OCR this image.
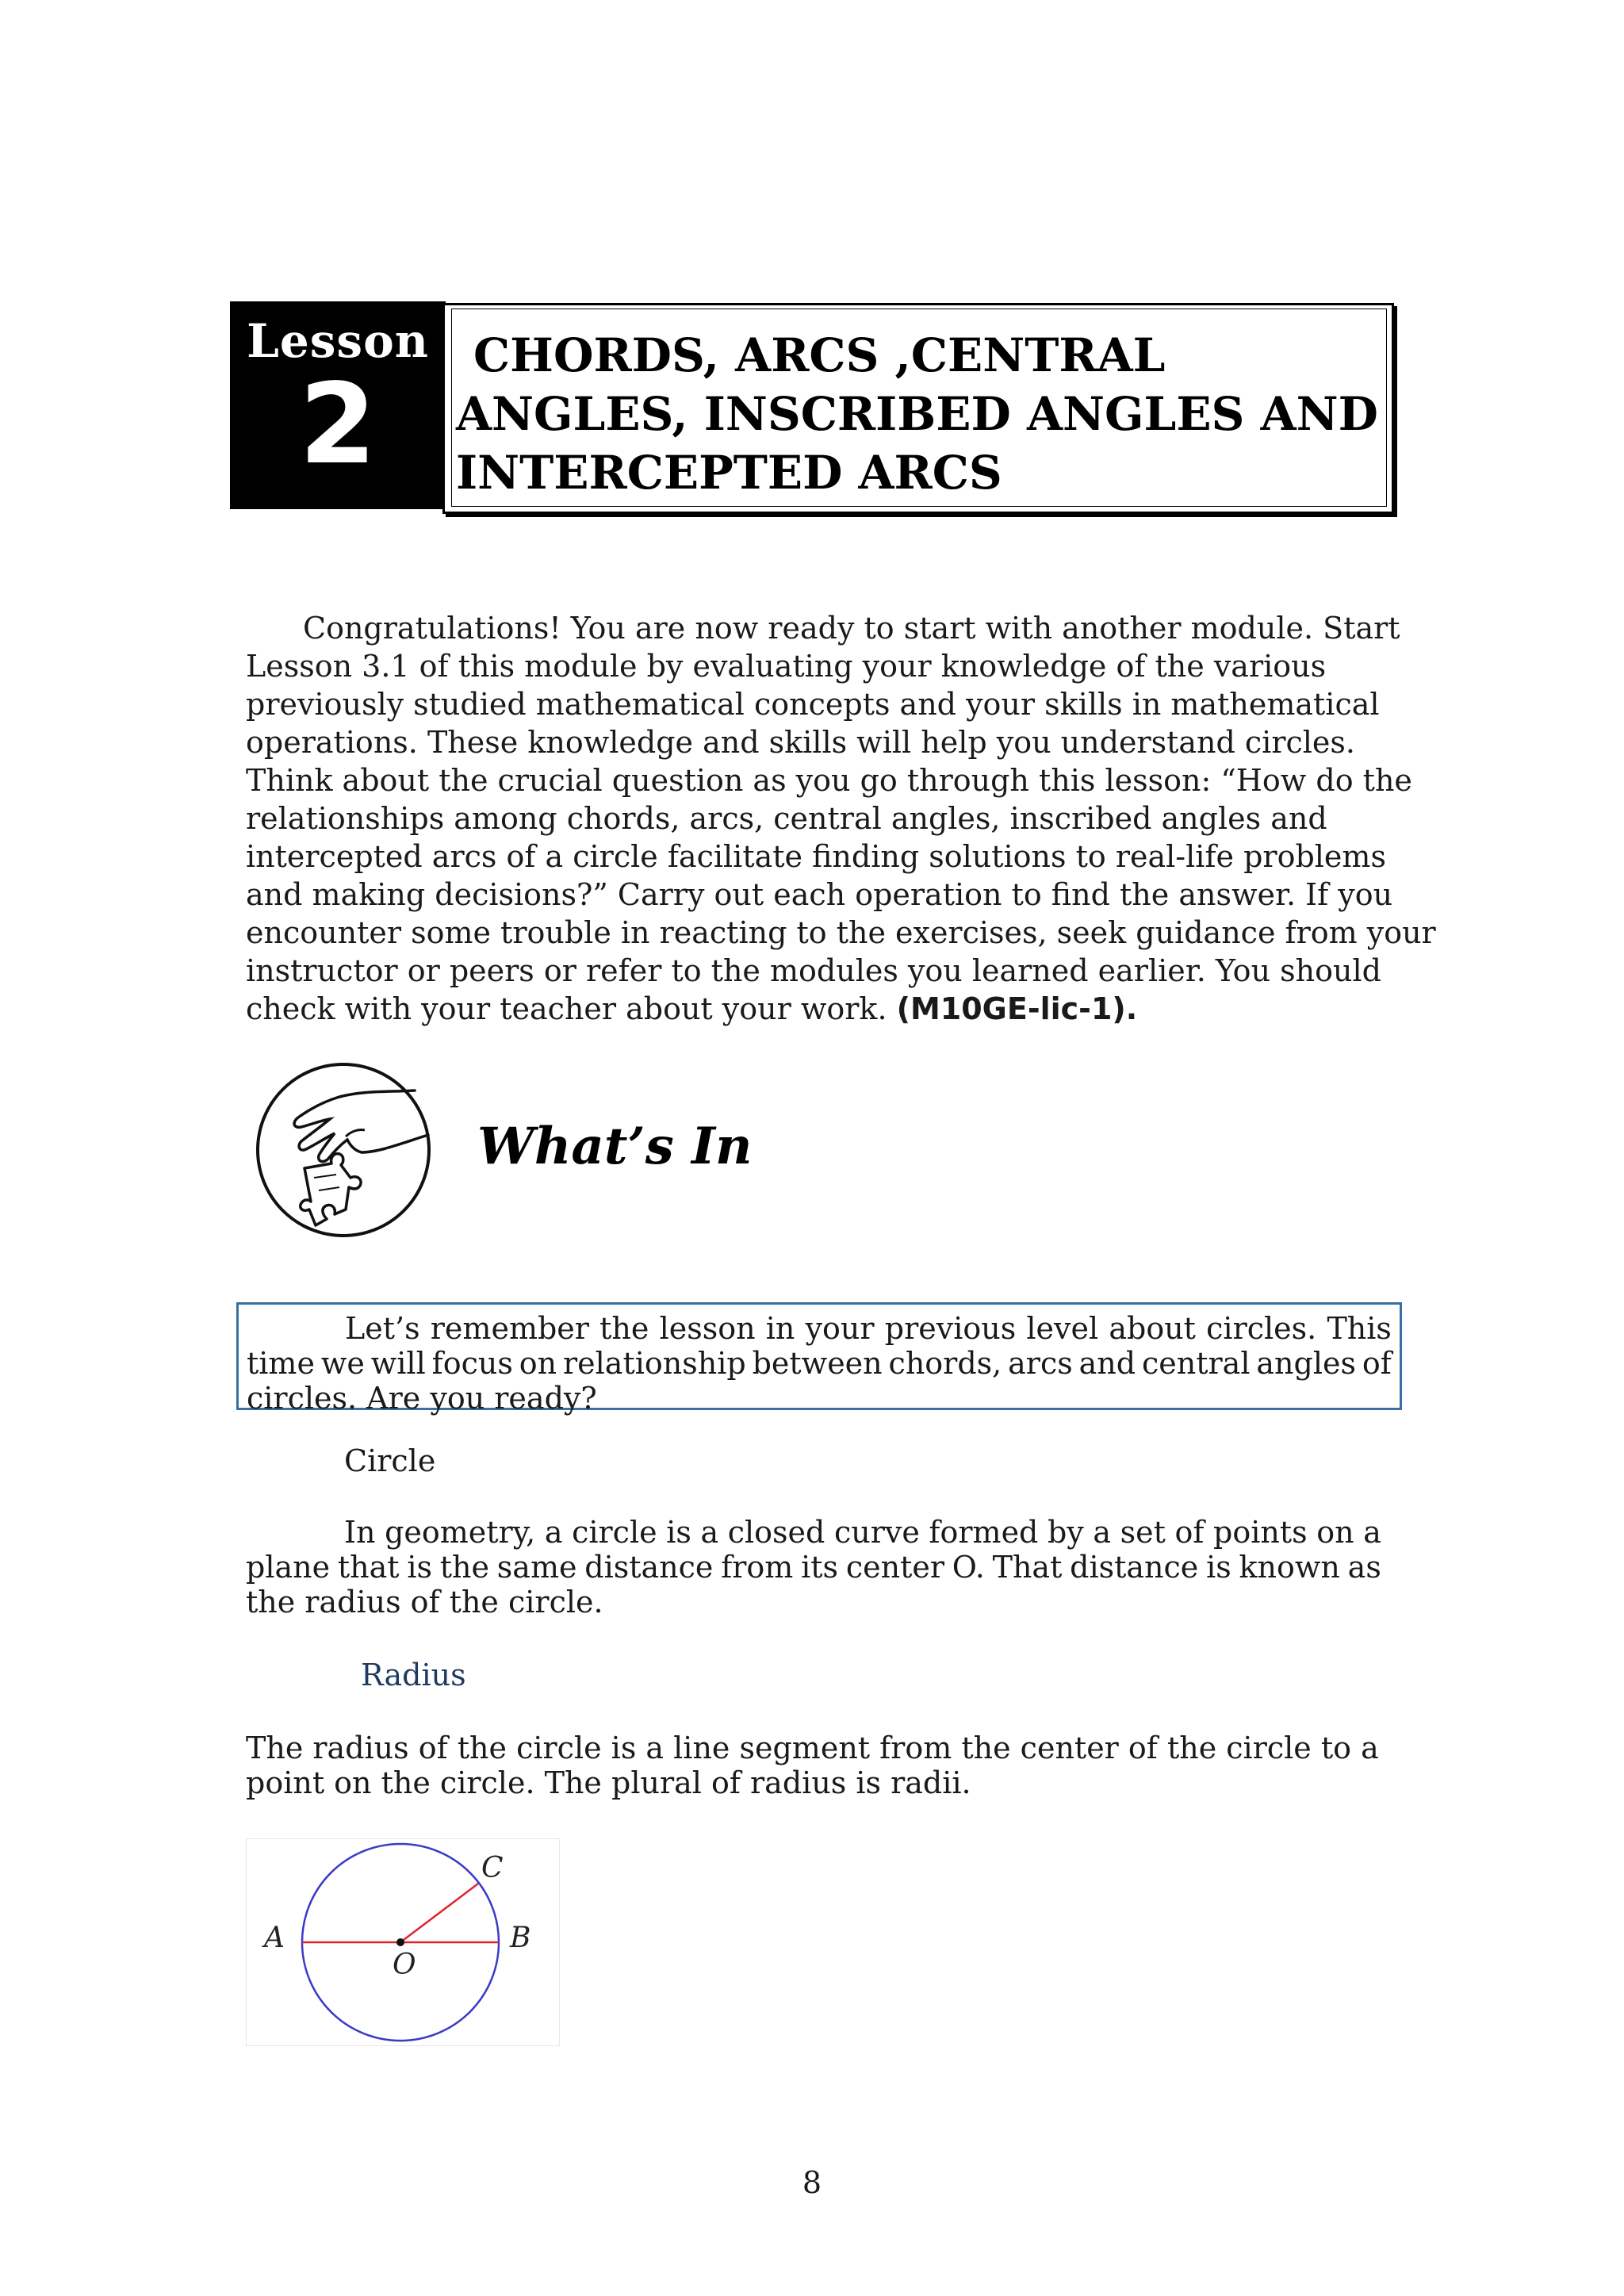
Lesson
2
CHORDS, ARCS ,CENTRAL
ANGLES, INSCRIBED ANGLES AND
INTERCEPTED ARCS
Congratulations! You are now ready to start with another module. Start
Lesson 3.1 of this module by evaluating your knowledge of the various
previously studied mathematical concepts and your skills in mathematical
operations. These knowledge and skills will help you understand circles.
Think about the crucial question as you go through this lesson: “How do the
relationships among chords, arcs, central angles, inscribed angles and
intercepted arcs of a circle facilitate finding solutions to real-life problems
and making decisions?” Carry out each operation to find the answer. If you
encounter some trouble in reacting to the exercises, seek guidance from your
instructor or peers or refer to the modules you learned earlier. You should
check with your teacher about your work. (M10GE-lic-1).
What’s In
Let’s remember the lesson in your previous level about circles. This
time we will focus on relationship between chords, arcs and central angles of
circles. Are you ready?
Circle
In geometry, a circle is a closed curve formed by a set of points on a
plane that is the same distance from its center O. That distance is known as
the radius of the circle.
Radius
The radius of the circle is a line segment from the center of the circle to a
point on the circle. The plural of radius is radii.
A	B
C
O
8
